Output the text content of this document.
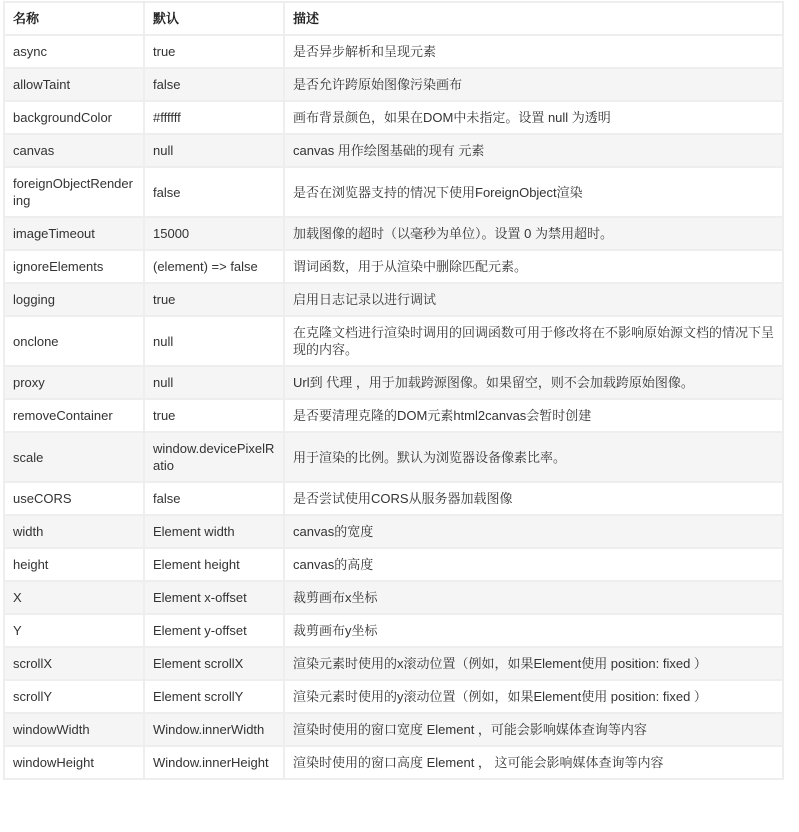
名称	默认	描述
async	true	是否异步解析和呈现元素
allowTaint	false	是否允许跨原始图像污染画布
backgroundColor	#ffffff	画布背景颜色，如果在DOM中未指定。设置 null 为透明
canvas	null	canvas 用作绘图基础的现有 元素
foreignObjectRendering	false	是否在浏览器支持的情况下使用ForeignObject渲染
imageTimeout	15000	加载图像的超时（以毫秒为单位）。设置 0 为禁用超时。
ignoreElements	(element) => false	谓词函数，用于从渲染中删除匹配元素。
logging	true	启用日志记录以进行调试
onclone	null	在克隆文档进行渲染时调用的回调函数可用于修改将在不影响原始源文档的情况下呈现的内容。
proxy	null	Url到 代理 ，用于加载跨源图像。如果留空，则不会加载跨原始图像。
removeContainer	true	是否要清理克隆的DOM元素html2canvas会暂时创建
scale	window.devicePixelRatio	用于渲染的比例。默认为浏览器设备像素比率。
useCORS	false	是否尝试使用CORS从服务器加载图像
width	Element width	canvas的宽度
height	Element height	canvas的高度
X	Element x-offset	裁剪画布x坐标
Y	Element y-offset	裁剪画布y坐标
scrollX	Element scrollX	渲染元素时使用的x滚动位置（例如，如果Element使用 position: fixed ）
scrollY	Element scrollY	渲染元素时使用的y滚动位置（例如，如果Element使用 position: fixed ）
windowWidth	Window.innerWidth	渲染时使用的窗口宽度 Element ，可能会影响媒体查询等内容
windowHeight	Window.innerHeight	渲染时使用的窗口高度 Element ， 这可能会影响媒体查询等内容
